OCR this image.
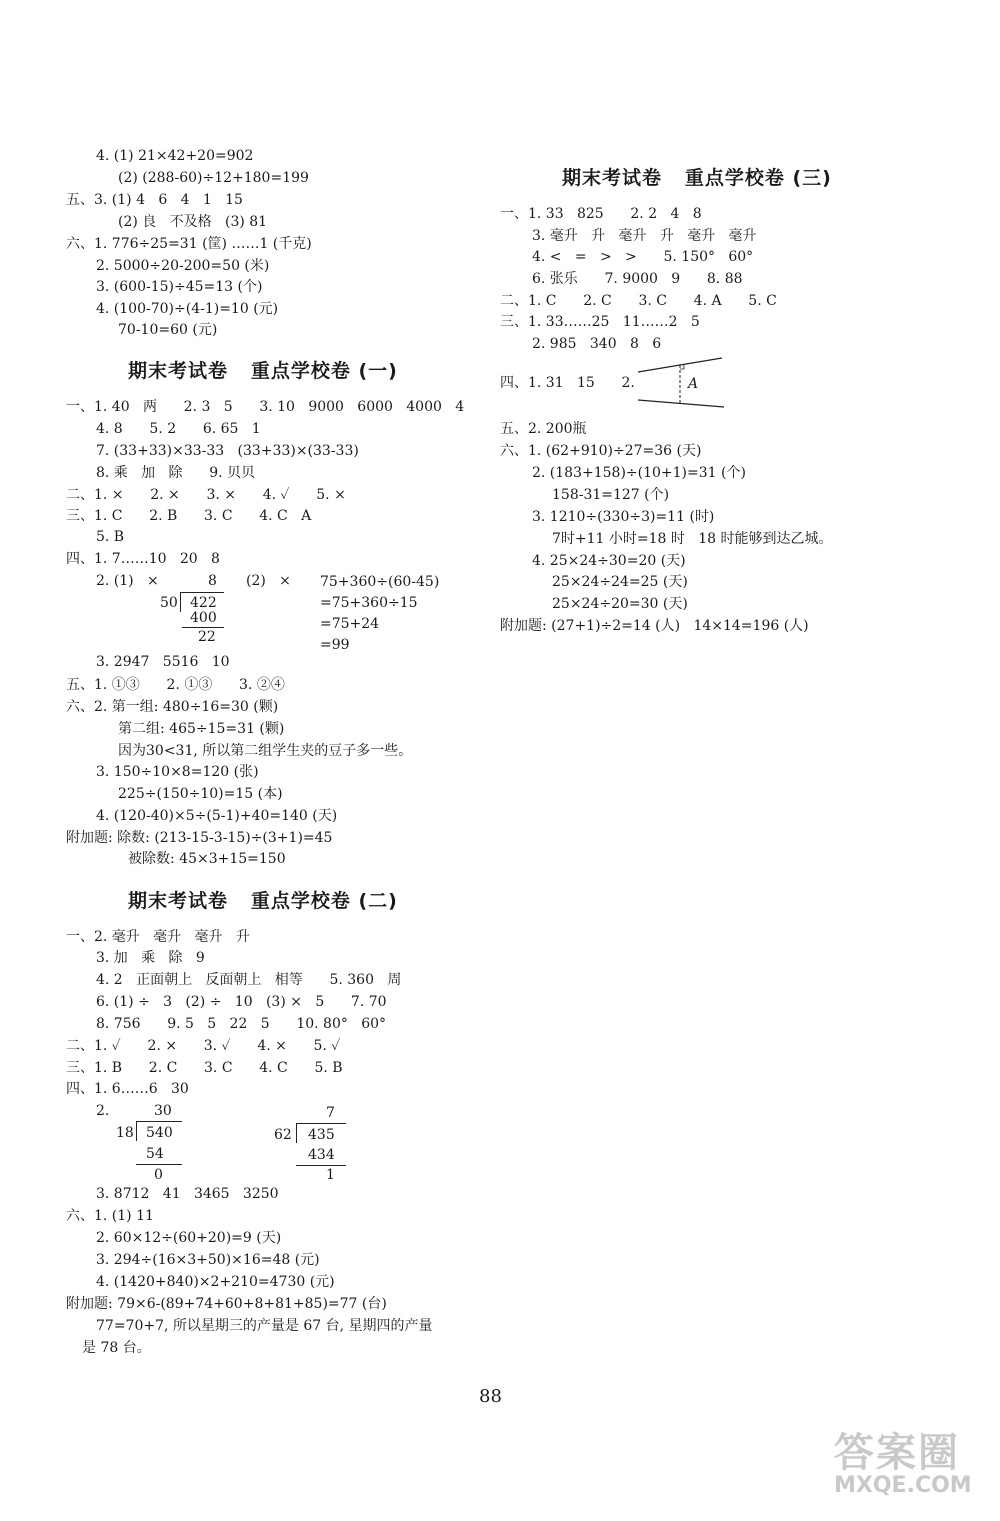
4. (1) 21×42+20=902
(2) (288-60)÷12+180=199
五、3. (1) 4   6   4   1   15
(2) 良   不及格   (3) 81
六、1. 776÷25=31 (筐) ……1 (千克)
2. 5000÷20-200=50 (米)
3. (600-15)÷45=13 (个)
4. (100-70)÷(4-1)=10 (元)
70-10=60 (元)
期末考试卷   重点学校卷 (一)
一、1. 40   两      2. 3   5      3. 10   9000   6000   4000   4
4. 8      5. 2      6. 65   1
7. (33+33)×33-33   (33+33)×(33-33)
8. 乘   加   除      9. 贝贝
二、1. ×      2. ×      3. ×      4. ✓      5. ×
三、1. C      2. B      3. C      4. C   A
5. B
四、1. 7……10   20   8
2. (1)   ×	8
50 422
400
22
(2)   × 75+360÷(60-45)
=75+360÷15
=75+24
=99
3. 2947   5516   10
五、1. ①③      2. ①③      3. ②④
六、2. 第一组: 480÷16=30 (颗)
第二组: 465÷15=31 (颗)
因为30<31, 所以第二组学生夹的豆子多一些。
3. 150÷10×8=120 (张)
225÷(150÷10)=15 (本)
4. (120-40)×5÷(5-1)+40=140 (天)
附加题: 除数: (213-15-3-15)÷(3+1)=45
被除数: 45×3+15=150
期末考试卷   重点学校卷 (二)
一、2. 毫升   毫升   毫升   升
3. 加   乘   除   9
4. 2   正面朝上   反面朝上   相等      5. 360   周
6. (1) ÷   3   (2) ÷   10   (3) ×   5      7. 70
8. 756      9. 5   5   22   5      10. 80°   60°
二、1. ✓      2. ×      3. ✓      4. ×      5. ✓
三、1. B      2. C      3. C      4. C      5. B
四、1. 6……6   30
2.	30
18 540
54
0
7
62 435
434
1
3. 8712   41   3465   3250
六、1. (1) 11
2. 60×12÷(60+20)=9 (天)
3. 294÷(16×3+50)×16=48 (元)
4. (1420+840)×2+210=4730 (元)
附加题: 79×6-(89+74+60+8+81+85)=77 (台)
77=70+7, 所以星期三的产量是 67 台, 星期四的产量
是 78 台。
期末考试卷   重点学校卷 (三)
一、1. 33   825      2. 2   4   8
3. 毫升   升   毫升   升   毫升   毫升
4. <   =   >   >      5. 150°   60°
6. 张乐      7. 9000   9      8. 88
二、1. C      2. C      3. C      4. A      5. C
三、1. 33……25   11……2   5
2. 985   340   8   6
四、1. 31   15      2.	A
五、2. 200瓶
六、1. (62+910)÷27=36 (天)
2. (183+158)÷(10+1)=31 (个)
158-31=127 (个)
3. 1210÷(330÷3)=11 (时)
7时+11 小时=18 时   18 时能够到达乙城。
4. 25×24÷30=20 (天)
25×24÷24=25 (天)
25×24÷20=30 (天)
附加题: (27+1)÷2=14 (人)   14×14=196 (人)
88
答案圈
MXQE.COM
